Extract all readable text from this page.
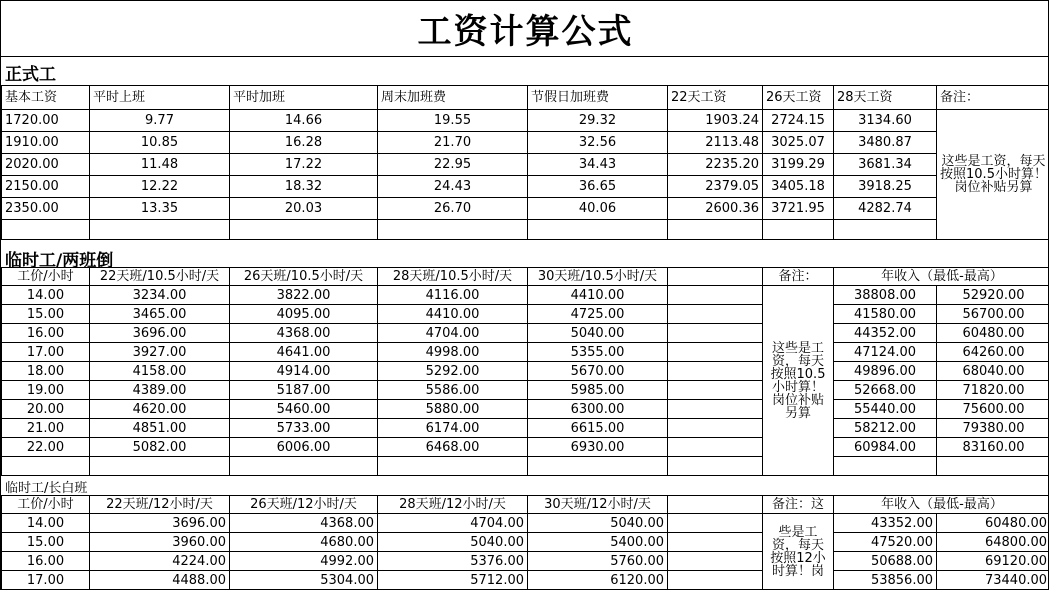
工资计算公式
正式工
基本工资	平时上班	平时加班	周末加班费	节假日加班费	22天工资	26天工资	28天工资	备注：
1720.00	9.77	14.66	19.55	29.32	1903.24	2724.15	3134.60	这些是工资，每天按照10.5小时算！岗位补贴另算
1910.00	10.85	16.28	21.70	32.56	2113.48	3025.07	3480.87	
2020.00	11.48	17.22	22.95	34.43	2235.20	3199.29	3681.34	
2150.00	12.22	18.32	24.43	36.65	2379.05	3405.18	3918.25	
2350.00	13.35	20.03	26.70	40.06	2600.36	3721.95	4282.74	

临时工/两班倒
工价/小时	22天班/10.5小时/天	26天班/10.5小时/天	28天班/10.5小时/天	30天班/10.5小时/天		备注：	年收入（最低-最高）	
14.00	3234.00	3822.00	4116.00	4410.00		这些是工资，每天按照10.5小时算！岗位补贴另算	38808.00	52920.00
15.00	3465.00	4095.00	4410.00	4725.00			41580.00	56700.00
16.00	3696.00	4368.00	4704.00	5040.00			44352.00	60480.00
17.00	3927.00	4641.00	4998.00	5355.00			47124.00	64260.00
18.00	4158.00	4914.00	5292.00	5670.00			49896.00	68040.00
19.00	4389.00	5187.00	5586.00	5985.00			52668.00	71820.00
20.00	4620.00	5460.00	5880.00	6300.00			55440.00	75600.00
21.00	4851.00	5733.00	6174.00	6615.00			58212.00	79380.00
22.00	5082.00	6006.00	6468.00	6930.00			60984.00	83160.00

临时工/长白班
工价/小时	22天班/12小时/天	26天班/12小时/天	28天班/12小时/天	30天班/12小时/天		备注：这	年收入（最低-最高）	
14.00	3696.00	4368.00	4704.00	5040.00		些是工资，每天按照12小时算！岗	43352.00	60480.00
15.00	3960.00	4680.00	5040.00	5400.00			47520.00	64800.00
16.00	4224.00	4992.00	5376.00	5760.00			50688.00	69120.00
17.00	4488.00	5304.00	5712.00	6120.00			53856.00	73440.00
